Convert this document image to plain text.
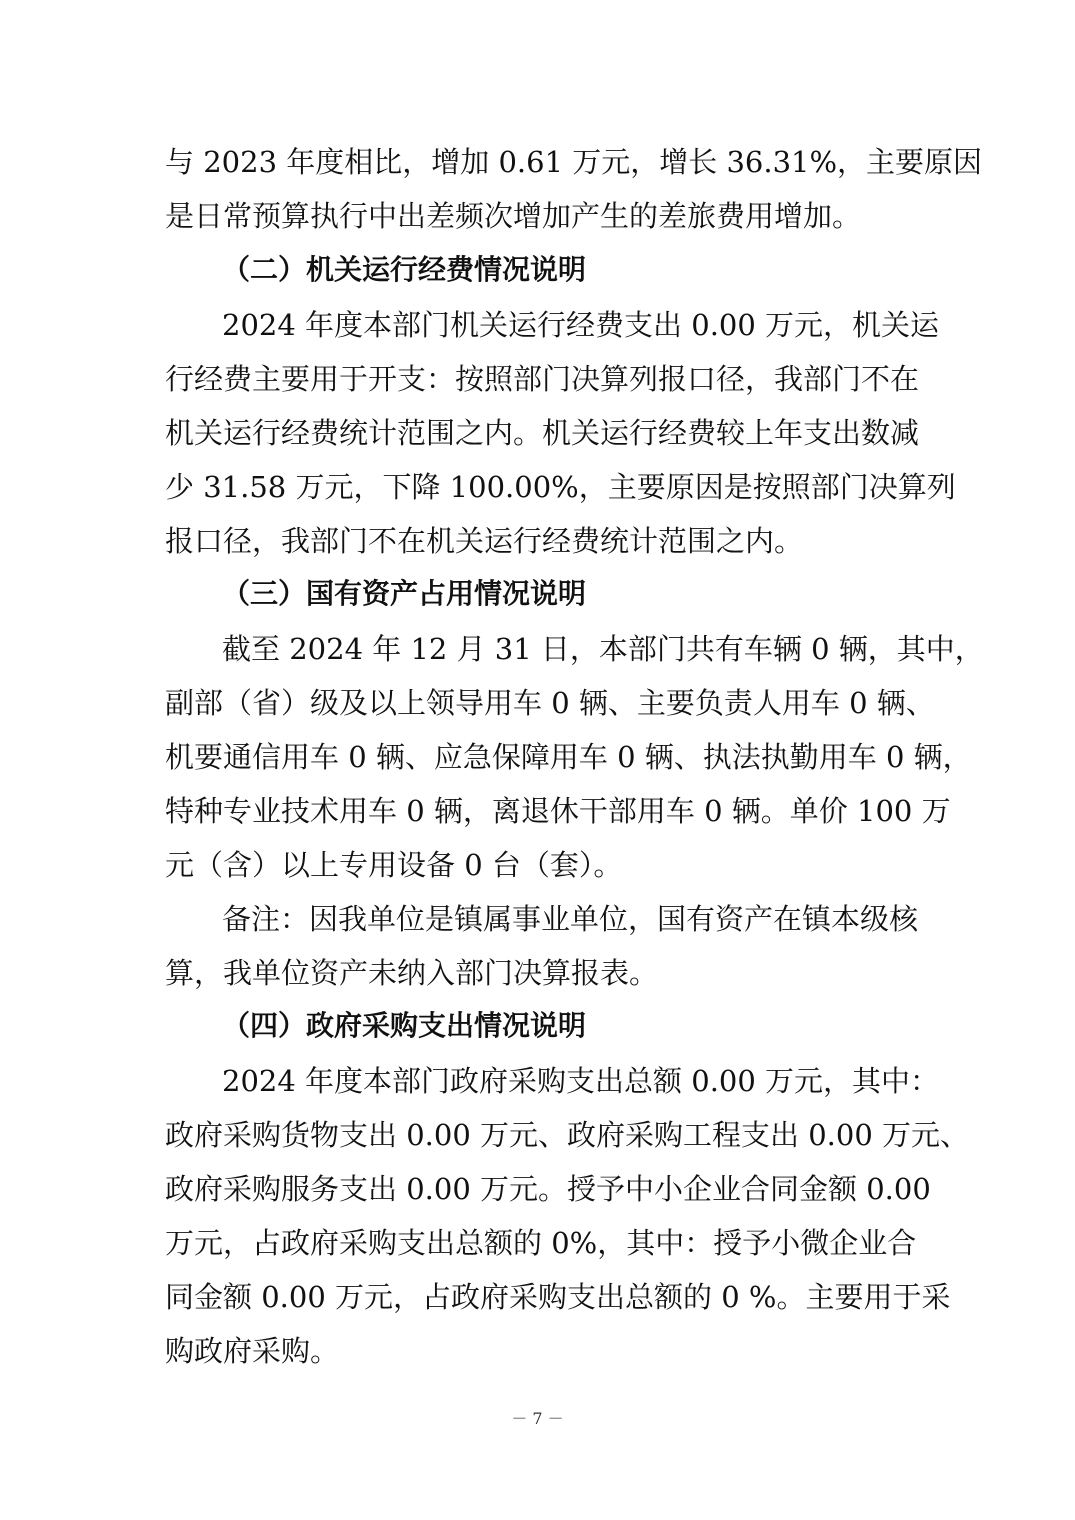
与 2023 年度相比，增加 0.61 万元，增长 36.31%，主要原因

是日常预算执行中出差频次增加产生的差旅费用增加。

（二）机关运行经费情况说明

2024 年度本部门机关运行经费支出 0.00 万元，机关运

行经费主要用于开支：按照部门决算列报口径，我部门不在

机关运行经费统计范围之内。机关运行经费较上年支出数减

少 31.58 万元，下降 100.00%，主要原因是按照部门决算列

报口径，我部门不在机关运行经费统计范围之内。

（三）国有资产占用情况说明

截至 2024 年 12 月 31 日，本部门共有车辆 0 辆，其中，

副部（省）级及以上领导用车 0 辆、主要负责人用车 0 辆、

机要通信用车 0 辆、应急保障用车 0 辆、执法执勤用车 0 辆，

特种专业技术用车 0 辆，离退休干部用车 0 辆。单价 100 万

元（含）以上专用设备 0 台（套）。

备注：因我单位是镇属事业单位，国有资产在镇本级核

算，我单位资产未纳入部门决算报表。

（四）政府采购支出情况说明

2024 年度本部门政府采购支出总额 0.00 万元，其中：

政府采购货物支出 0.00 万元、政府采购工程支出 0.00 万元、

政府采购服务支出 0.00 万元。授予中小企业合同金额 0.00

万元，占政府采购支出总额的 0%，其中：授予小微企业合

同金额 0.00 万元，占政府采购支出总额的 0 %。主要用于采

购政府采购。

－ 7 －
